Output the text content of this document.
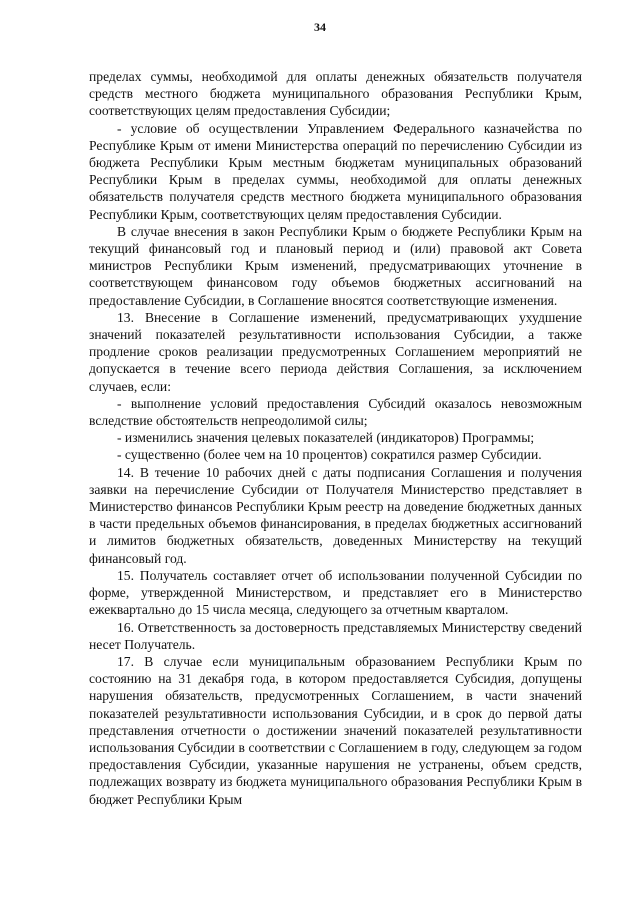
34

пределах суммы, необходимой для оплаты денежных обязательств получателя средств местного бюджета муниципального образования Республики Крым, соответствующих целям предоставления Субсидии;

- условие об осуществлении Управлением Федерального казначейства по Республике Крым от имени Министерства операций по перечислению Субсидии из бюджета Республики Крым местным бюджетам муниципальных образований Республики Крым в пределах суммы, необходимой для оплаты денежных обязательств получателя средств местного бюджета муниципального образования Республики Крым, соответствующих целям предоставления Субсидии.

В случае внесения в закон Республики Крым о бюджете Республики Крым на текущий финансовый год и плановый период и (или) правовой акт Совета министров Республики Крым изменений, предусматривающих уточнение в соответствующем финансовом году объемов бюджетных ассигнований на предоставление Субсидии, в Соглашение вносятся соответствующие изменения.

13. Внесение в Соглашение изменений, предусматривающих ухудшение значений показателей результативности использования Субсидии, а также продление сроков реализации предусмотренных Соглашением мероприятий не допускается в течение всего периода действия Соглашения, за исключением случаев, если:

- выполнение условий предоставления Субсидий оказалось невозможным вследствие обстоятельств непреодолимой силы;

- изменились значения целевых показателей (индикаторов) Программы;

- существенно (более чем на 10 процентов) сократился размер Субсидии.

14. В течение 10 рабочих дней с даты подписания Соглашения и получения заявки на перечисление Субсидии от Получателя Министерство представляет в Министерство финансов Республики Крым реестр на доведение бюджетных данных в части предельных объемов финансирования, в пределах бюджетных ассигнований и лимитов бюджетных обязательств, доведенных Министерству на текущий финансовый год.

15. Получатель составляет отчет об использовании полученной Субсидии по форме, утвержденной Министерством, и представляет его в Министерство ежеквартально до 15 числа месяца, следующего за отчетным кварталом.

16. Ответственность за достоверность представляемых Министерству сведений несет Получатель.

17. В случае если муниципальным образованием Республики Крым по состоянию на 31 декабря года, в котором предоставляется Субсидия, допущены нарушения обязательств, предусмотренных Соглашением, в части значений показателей результативности использования Субсидии, и в срок до первой даты представления отчетности о достижении значений показателей результативности использования Субсидии в соответствии с Соглашением в году, следующем за годом предоставления Субсидии, указанные нарушения не устранены, объем средств, подлежащих возврату из бюджета муниципального образования Республики Крым в бюджет Республики Крым
